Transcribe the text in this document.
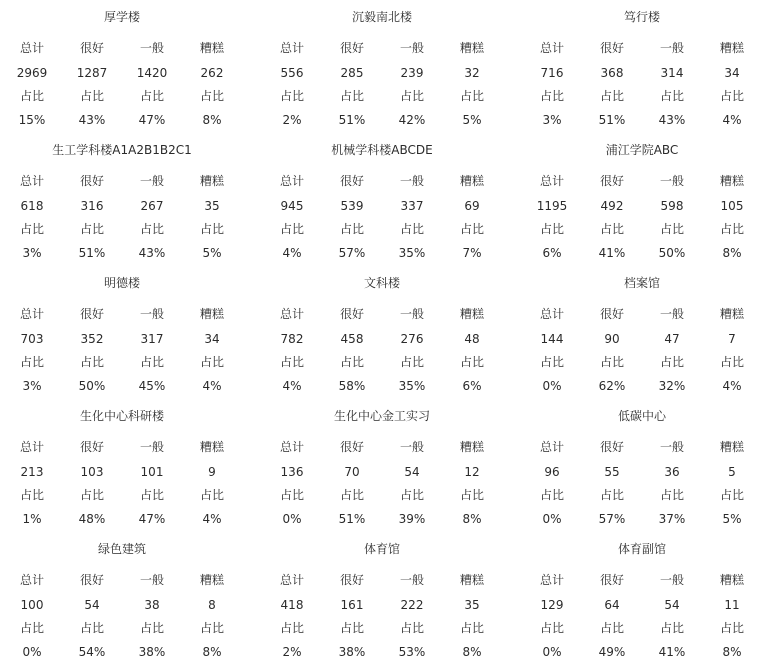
厚学楼
总计	很好	一般	糟糕
2969	1287	1420	262
占比	占比	占比	占比
15%	43%	47%	8%
沉毅南北楼
总计	很好	一般	糟糕
556	285	239	32
占比	占比	占比	占比
2%	51%	42%	5%
笃行楼
总计	很好	一般	糟糕
716	368	314	34
占比	占比	占比	占比
3%	51%	43%	4%
生工学科楼A1A2B1B2C1
总计	很好	一般	糟糕
618	316	267	35
占比	占比	占比	占比
3%	51%	43%	5%
机械学科楼ABCDE
总计	很好	一般	糟糕
945	539	337	69
占比	占比	占比	占比
4%	57%	35%	7%
浦江学院ABC
总计	很好	一般	糟糕
1195	492	598	105
占比	占比	占比	占比
6%	41%	50%	8%
明德楼
总计	很好	一般	糟糕
703	352	317	34
占比	占比	占比	占比
3%	50%	45%	4%
文科楼
总计	很好	一般	糟糕
782	458	276	48
占比	占比	占比	占比
4%	58%	35%	6%
档案馆
总计	很好	一般	糟糕
144	90	47	7
占比	占比	占比	占比
0%	62%	32%	4%
生化中心科研楼
总计	很好	一般	糟糕
213	103	101	9
占比	占比	占比	占比
1%	48%	47%	4%
生化中心金工实习
总计	很好	一般	糟糕
136	70	54	12
占比	占比	占比	占比
0%	51%	39%	8%
低碳中心
总计	很好	一般	糟糕
96	55	36	5
占比	占比	占比	占比
0%	57%	37%	5%
绿色建筑
总计	很好	一般	糟糕
100	54	38	8
占比	占比	占比	占比
0%	54%	38%	8%
体育馆
总计	很好	一般	糟糕
418	161	222	35
占比	占比	占比	占比
2%	38%	53%	8%
体育副馆
总计	很好	一般	糟糕
129	64	54	11
占比	占比	占比	占比
0%	49%	41%	8%
